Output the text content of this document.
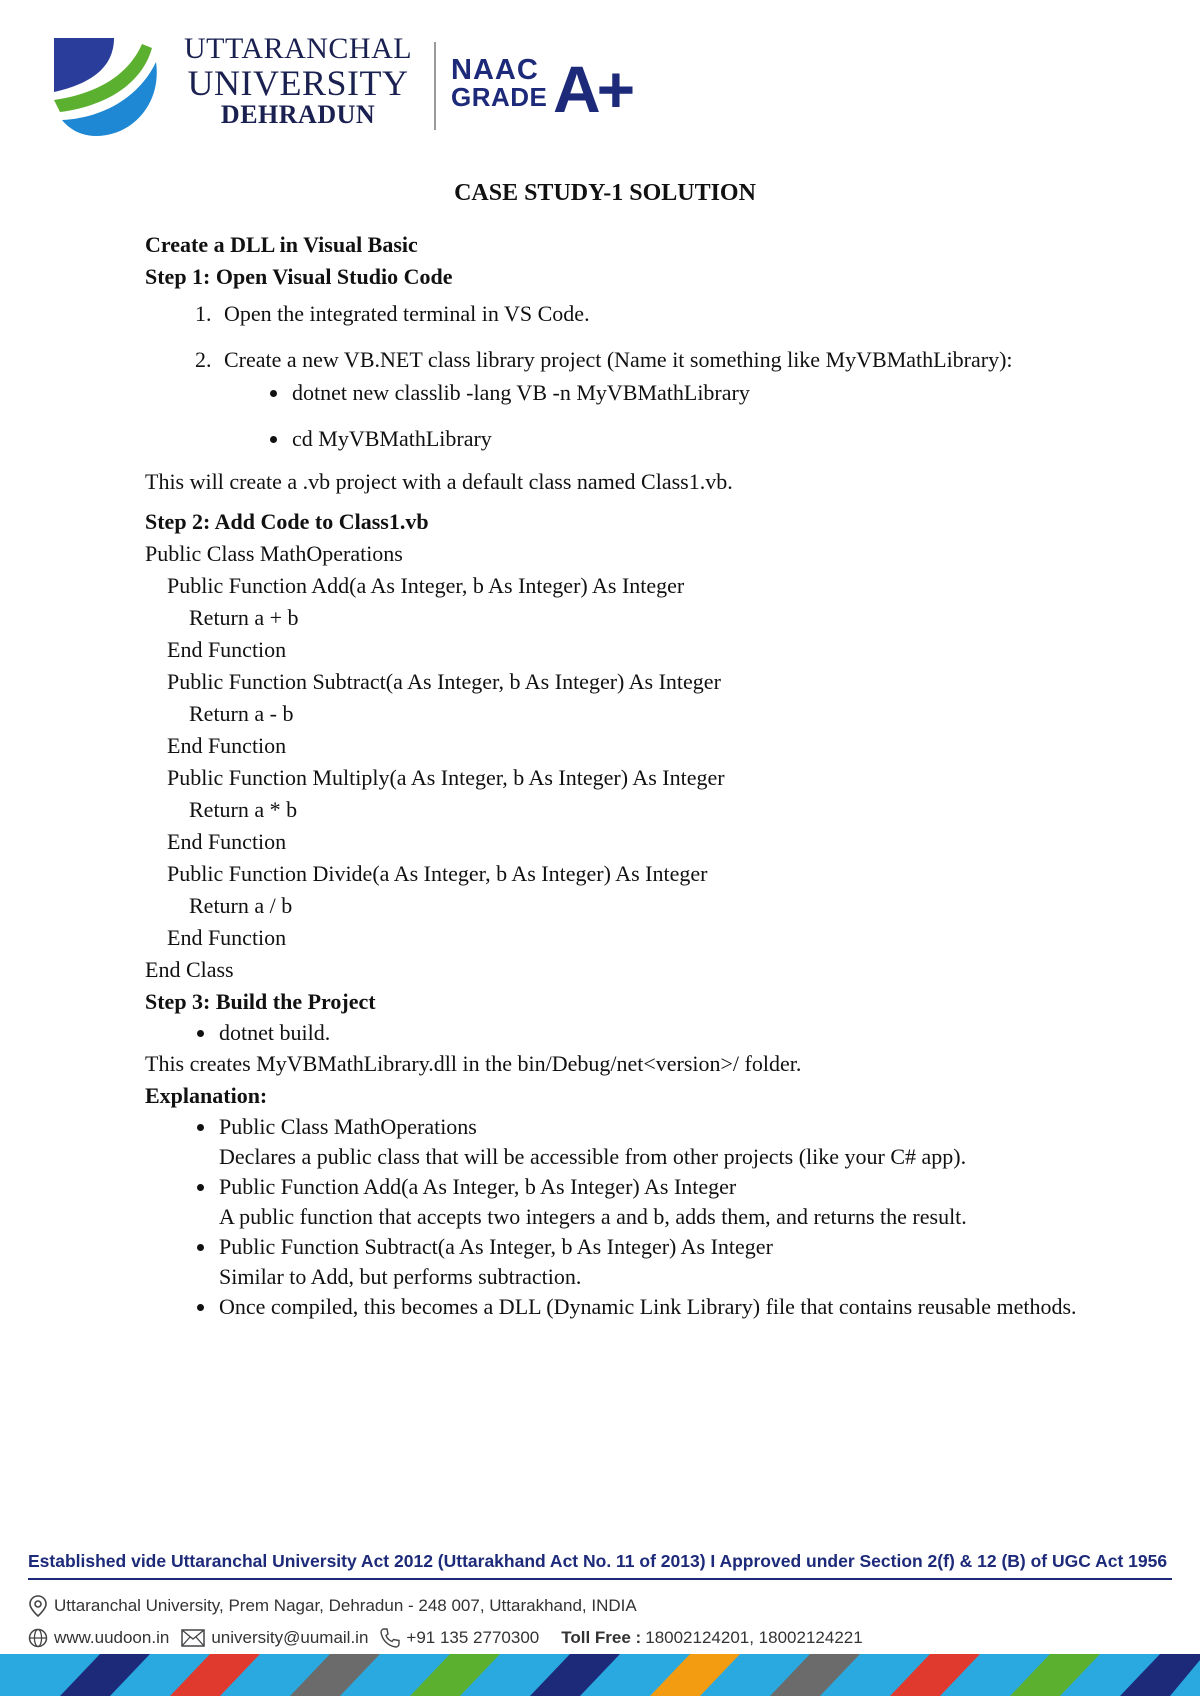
UTTARANCHAL
UNIVERSITY
DEHRADUN
NAAC
GRADE A+
CASE STUDY-1 SOLUTION

Create a DLL in Visual Basic

Step 1: Open Visual Studio Code

1. Open the integrated terminal in VS Code.
2. Create a new VB.NET class library project (Name it something like MyVBMathLibrary):
• dotnet new classlib -lang VB -n MyVBMathLibrary
• cd MyVBMathLibrary

This will create a .vb project with a default class named Class1.vb.

Step 2: Add Code to Class1.vb

Public Class MathOperations

Public Function Add(a As Integer, b As Integer) As Integer

Return a + b

End Function

Public Function Subtract(a As Integer, b As Integer) As Integer

Return a - b

End Function

Public Function Multiply(a As Integer, b As Integer) As Integer

Return a * b

End Function

Public Function Divide(a As Integer, b As Integer) As Integer

Return a / b

End Function

End Class

Step 3: Build the Project

• dotnet build.

This creates MyVBMathLibrary.dll in the bin/Debug/net<version>/ folder.

Explanation:

• Public Class MathOperations
Declares a public class that will be accessible from other projects (like your C# app).
• Public Function Add(a As Integer, b As Integer) As Integer
A public function that accepts two integers a and b, adds them, and returns the result.
• Public Function Subtract(a As Integer, b As Integer) As Integer
Similar to Add, but performs subtraction.
• Once compiled, this becomes a DLL (Dynamic Link Library) file that contains reusable methods.
Established vide Uttaranchal University Act 2012 (Uttarakhand Act No. 11 of 2013) I Approved under Section 2(f) & 12 (B) of UGC Act 1956
Uttaranchal University, Prem Nagar, Dehradun - 248 007, Uttarakhand, INDIA
www.uudoon.in university@uumail.in +91 135 2770300 Toll Free : 18002124201, 18002124221
